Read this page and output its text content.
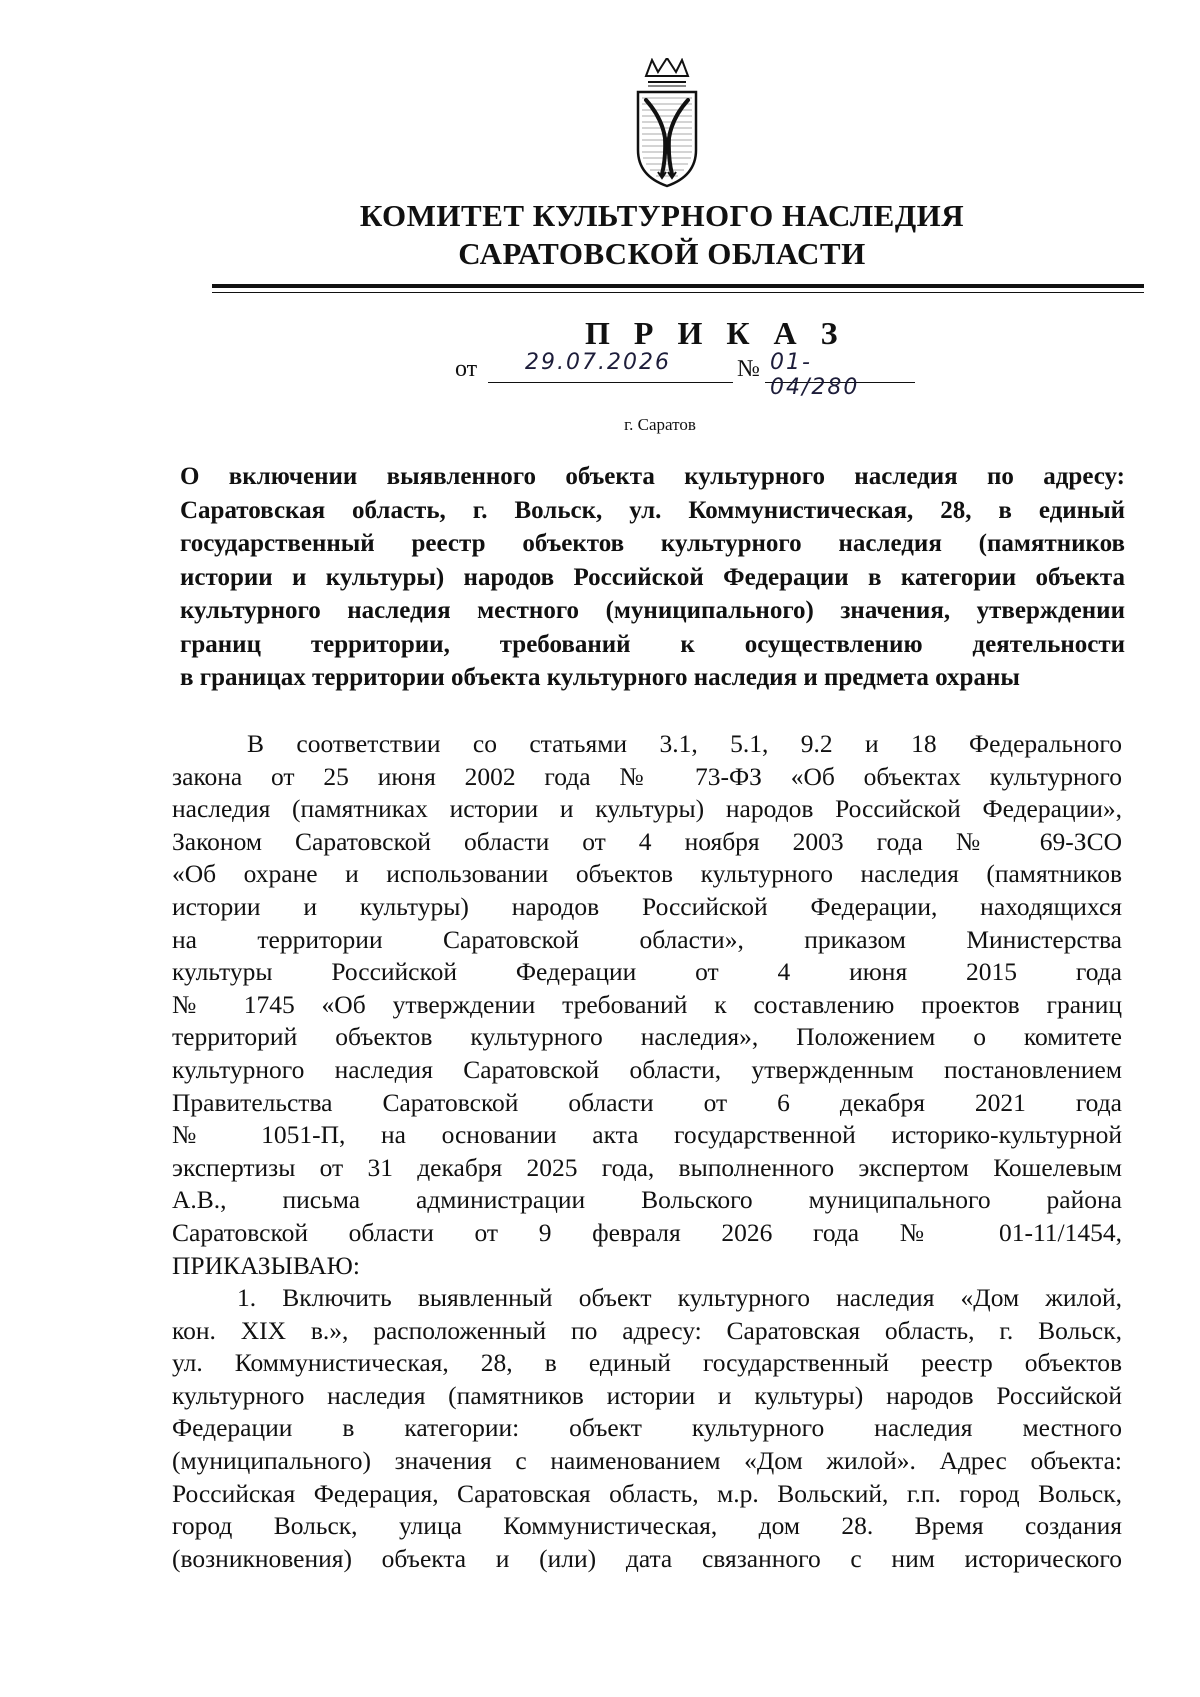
КОМИТЕТ КУЛЬТУРНОГО НАСЛЕДИЯ
САРАТОВСКОЙ ОБЛАСТИ
П Р И К А З
от 29.07.2026	№ 01-04/280
г. Саратов
О включении выявленного объекта культурного наследия по адресу:
Саратовская область, г. Вольск, ул. Коммунистическая, 28, в единый
государственный реестр объектов культурного наследия (памятников
истории и культуры) народов Российской Федерации в категории объекта
культурного наследия местного (муниципального) значения, утверждении
границ территории, требований к осуществлению деятельности
в границах территории объекта культурного наследия и предмета охраны
В соответствии со статьями 3.1, 5.1, 9.2 и 18 Федерального
закона от 25 июня 2002 года № 73-ФЗ «Об объектах культурного
наследия (памятниках истории и культуры) народов Российской Федерации»,
Законом Саратовской области от 4 ноября 2003 года № 69-ЗСО
«Об охране и использовании объектов культурного наследия (памятников
истории и культуры) народов Российской Федерации, находящихся
на территории Саратовской области», приказом Министерства
культуры Российской Федерации от 4 июня 2015 года
№ 1745 «Об утверждении требований к составлению проектов границ
территорий объектов культурного наследия», Положением о комитете
культурного наследия Саратовской области, утвержденным постановлением
Правительства Саратовской области от 6 декабря 2021 года
№ 1051-П, на основании акта государственной историко-культурной
экспертизы от 31 декабря 2025 года, выполненного экспертом Кошелевым
А.В., письма администрации Вольского муниципального района
Саратовской области от 9 февраля 2026 года № 01-11/1454,
ПРИКАЗЫВАЮ:
1. Включить выявленный объект культурного наследия «Дом жилой,
кон. XIX в.», расположенный по адресу: Саратовская область, г. Вольск,
ул. Коммунистическая, 28, в единый государственный реестр объектов
культурного наследия (памятников истории и культуры) народов Российской
Федерации в категории: объект культурного наследия местного
(муниципального) значения с наименованием «Дом жилой». Адрес объекта:
Российская Федерация, Саратовская область, м.р. Вольский, г.п. город Вольск,
город Вольск, улица Коммунистическая, дом 28. Время создания
(возникновения) объекта и (или) дата связанного с ним исторического
